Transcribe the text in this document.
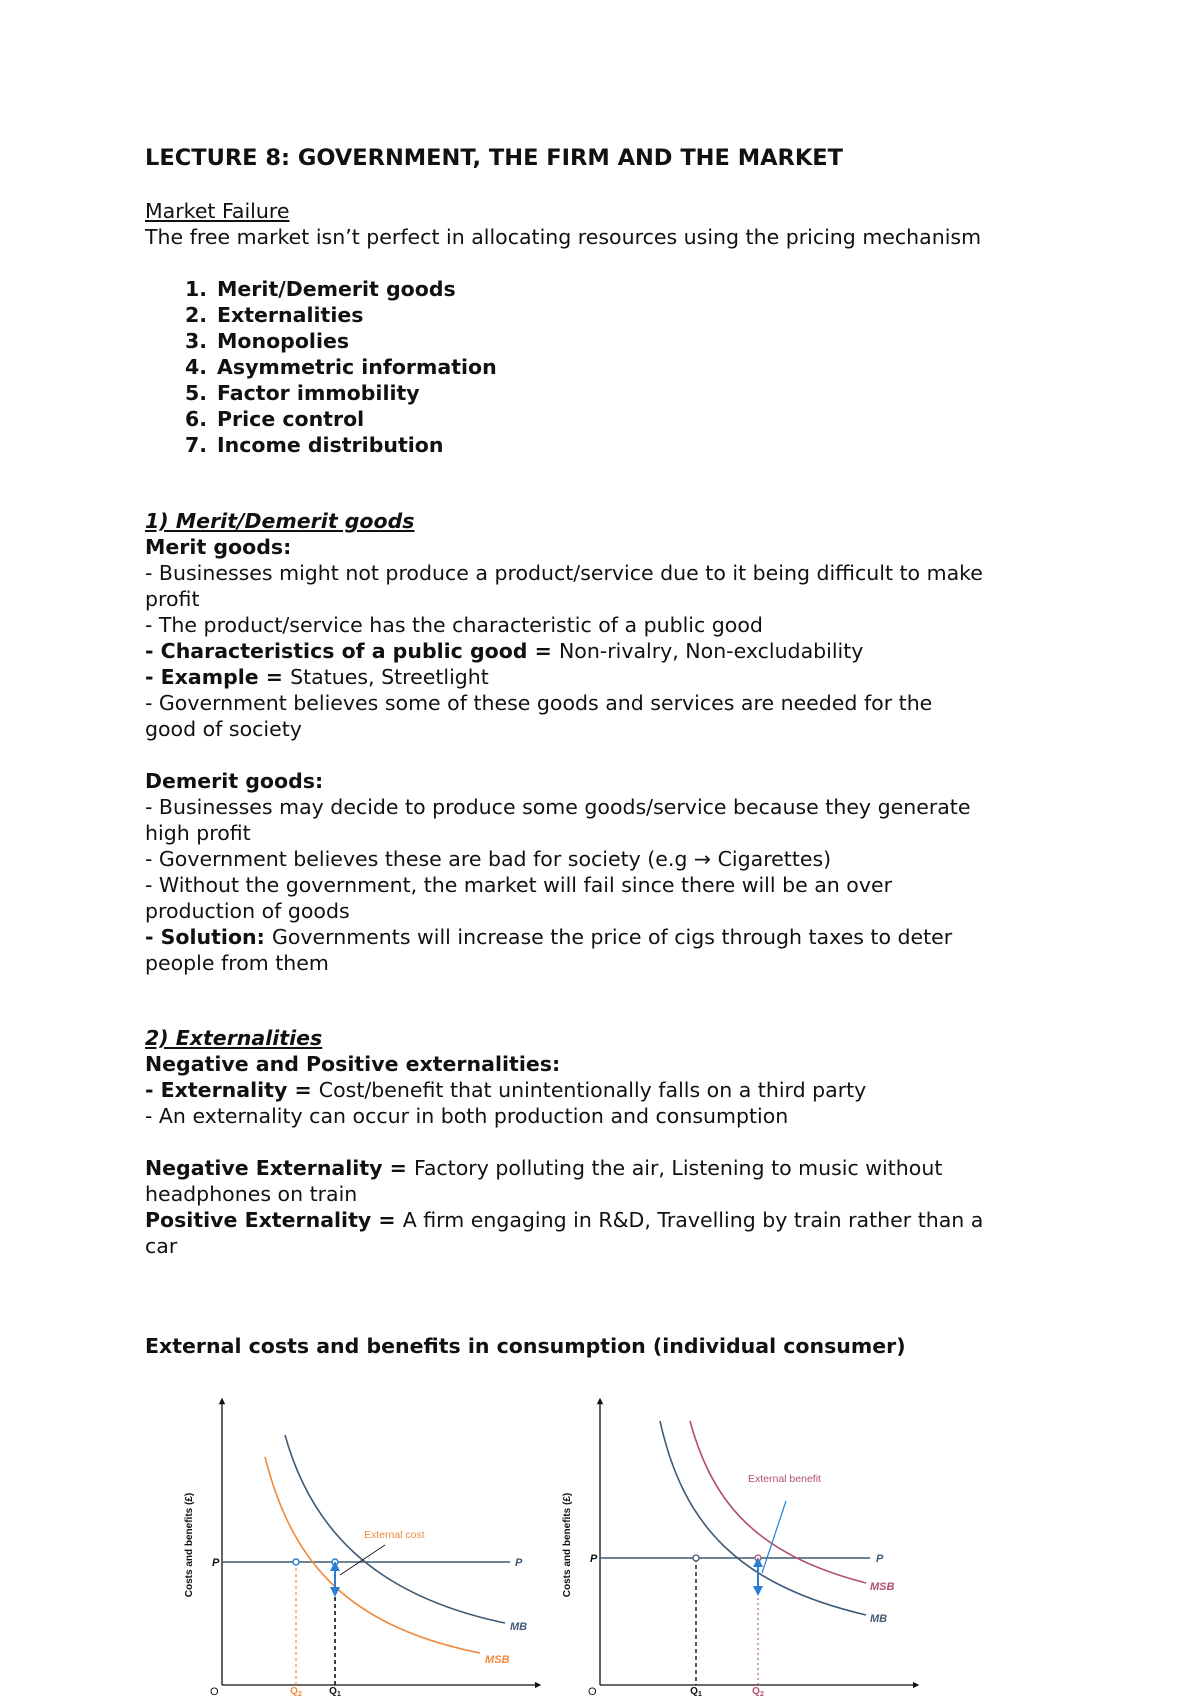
LECTURE 8: GOVERNMENT, THE FIRM AND THE MARKET

Market Failure

The free market isn’t perfect in allocating resources using the pricing mechanism

1. Merit/Demerit goods
2. Externalities
3. Monopolies
4. Asymmetric information
5. Factor immobility
6. Price control
7. Income distribution

1) Merit/Demerit goods

Merit goods:

- Businesses might not produce a product/service due to it being difficult to make

profit

- The product/service has the characteristic of a public good

- Characteristics of a public good = Non-rivalry, Non-excludability

- Example = Statues, Streetlight

- Government believes some of these goods and services are needed for the

good of society

Demerit goods:

- Businesses may decide to produce some goods/service because they generate

high profit

- Government believes these are bad for society (e.g → Cigarettes)

- Without the government, the market will fail since there will be an over

production of goods

- Solution: Governments will increase the price of cigs through taxes to deter

people from them

2) Externalities

Negative and Positive externalities:

- Externality = Cost/benefit that unintentionally falls on a third party

- An externality can occur in both production and consumption

Negative Externality = Factory polluting the air, Listening to music without

headphones on train

Positive Externality = A firm engaging in R&D, Travelling by train rather than a

car

External costs and benefits in consumption (individual consumer)

Costs and benefits (£)
O
P	P
MB
MSB
External cost
$Q_2$	$Q_1$
Costs and benefits (£)
O
P	P
MSB
MB
External benefit
$Q_1$	$Q_2$
